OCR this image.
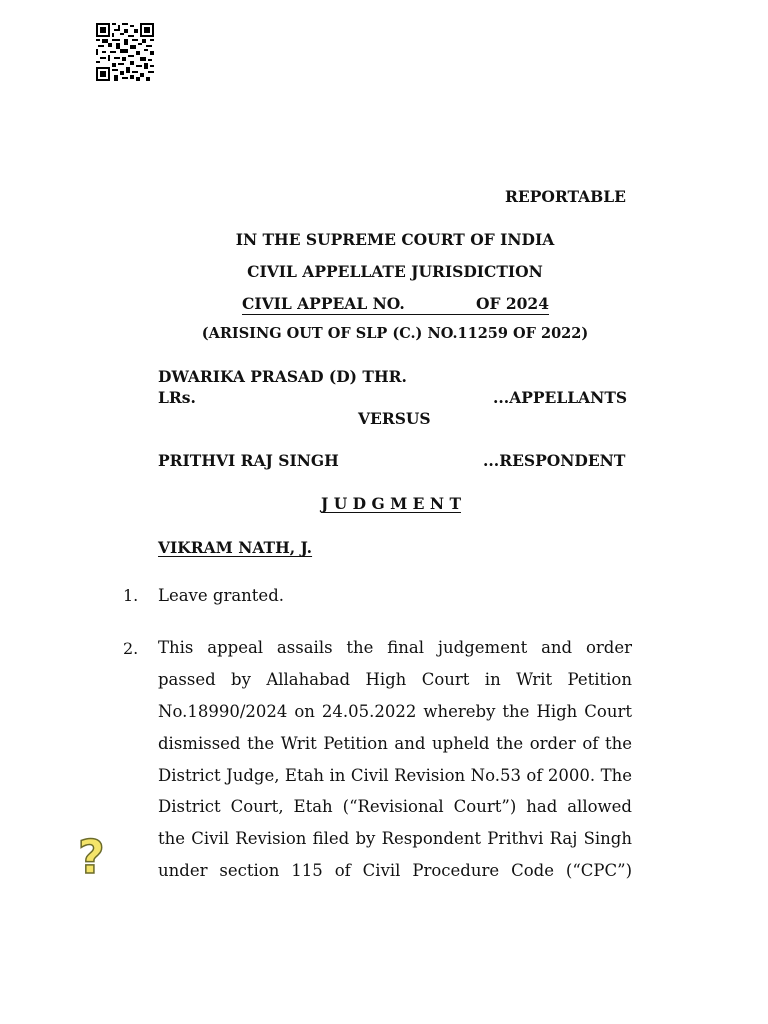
REPORTABLE
IN THE SUPREME COURT OF INDIA
CIVIL APPELLATE JURISDICTION
CIVIL APPEAL NO.	OF 2024
(ARISING OUT OF SLP (C.) NO.11259 OF 2022)
DWARIKA PRASAD (D) THR.
LRs.	...APPELLANTS
VERSUS
PRITHVI RAJ SINGH	...RESPONDENT
J U D G M E N T
VIKRAM NATH, J.
1. Leave granted.
2. This appeal assails the final judgement and order
passed by Allahabad High Court in Writ Petition
No.18990/2024 on 24.05.2022 whereby the High Court
dismissed the Writ Petition and upheld the order of the
District Judge, Etah in Civil Revision No.53 of 2000. The
District Court, Etah (“Revisional Court”) had allowed
the Civil Revision filed by Respondent Prithvi Raj Singh
under section 115 of Civil Procedure Code (“CPC”)
?
